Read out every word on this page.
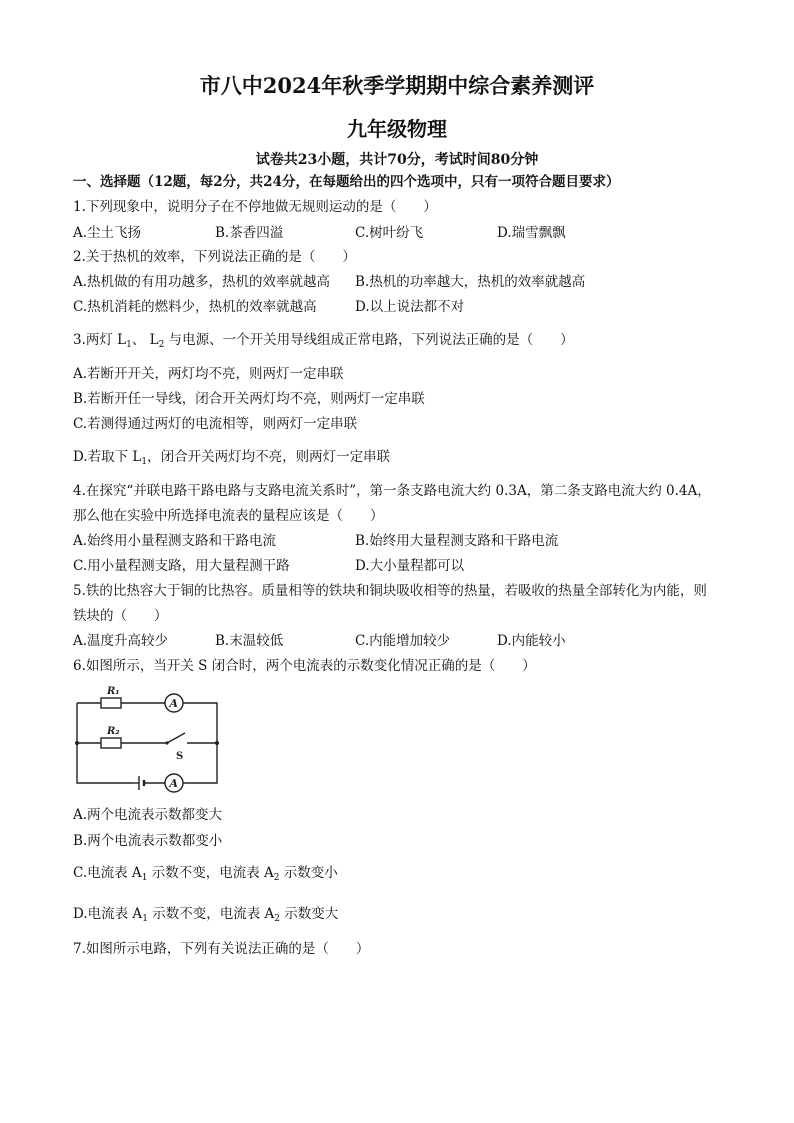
市八中2024年秋季学期期中综合素养测评
九年级物理
试卷共23小题，共计70分，考试时间80分钟
一、选择题（12题，每2分，共24分，在每题给出的四个选项中，只有一项符合题目要求）
1.下列现象中，说明分子在不停地做无规则运动的是（　　）
A.尘土飞扬	B.茶香四溢	C.树叶纷飞	D.瑞雪飘飘
2.关于热机的效率，下列说法正确的是（　　）
A.热机做的有用功越多，热机的效率就越高 B.热机的功率越大，热机的效率就越高
C.热机消耗的燃料少，热机的效率就越高	D.以上说法都不对
3.两灯 $L_1$、 $L_2$ 与电源、一个开关用导线组成正常电路，下列说法正确的是（　　）
A.若断开开关，两灯均不亮，则两灯一定串联
B.若断开任一导线，闭合开关两灯均不亮，则两灯一定串联
C.若测得通过两灯的电流相等，则两灯一定串联
D.若取下 $L_1$，闭合开关两灯均不亮，则两灯一定串联
4.在探究“并联电路干路电路与支路电流关系时”，第一条支路电流大约 0.3A，第二条支路电流大约 0.4A，
那么他在实验中所选择电流表的量程应该是（　　）
A.始终用小量程测支路和干路电流	B.始终用大量程测支路和干路电流
C.用小量程测支路，用大量程测干路	D.大小量程都可以
5.铁的比热容大于铜的比热容。质量相等的铁块和铜块吸收相等的热量，若吸收的热量全部转化为内能，则
铁块的（　　）
A.温度升高较少	B.末温较低	C.内能增加较少	D.内能较小
6.如图所示，当开关 S 闭合时，两个电流表的示数变化情况正确的是（　　）
R₁
R₂
A
A
S
A.两个电流表示数都变大
B.两个电流表示数都变小
C.电流表 $A_1$ 示数不变，电流表 $A_2$ 示数变小
D.电流表 $A_1$ 示数不变，电流表 $A_2$ 示数变大
7.如图所示电路，下列有关说法正确的是（　　）
